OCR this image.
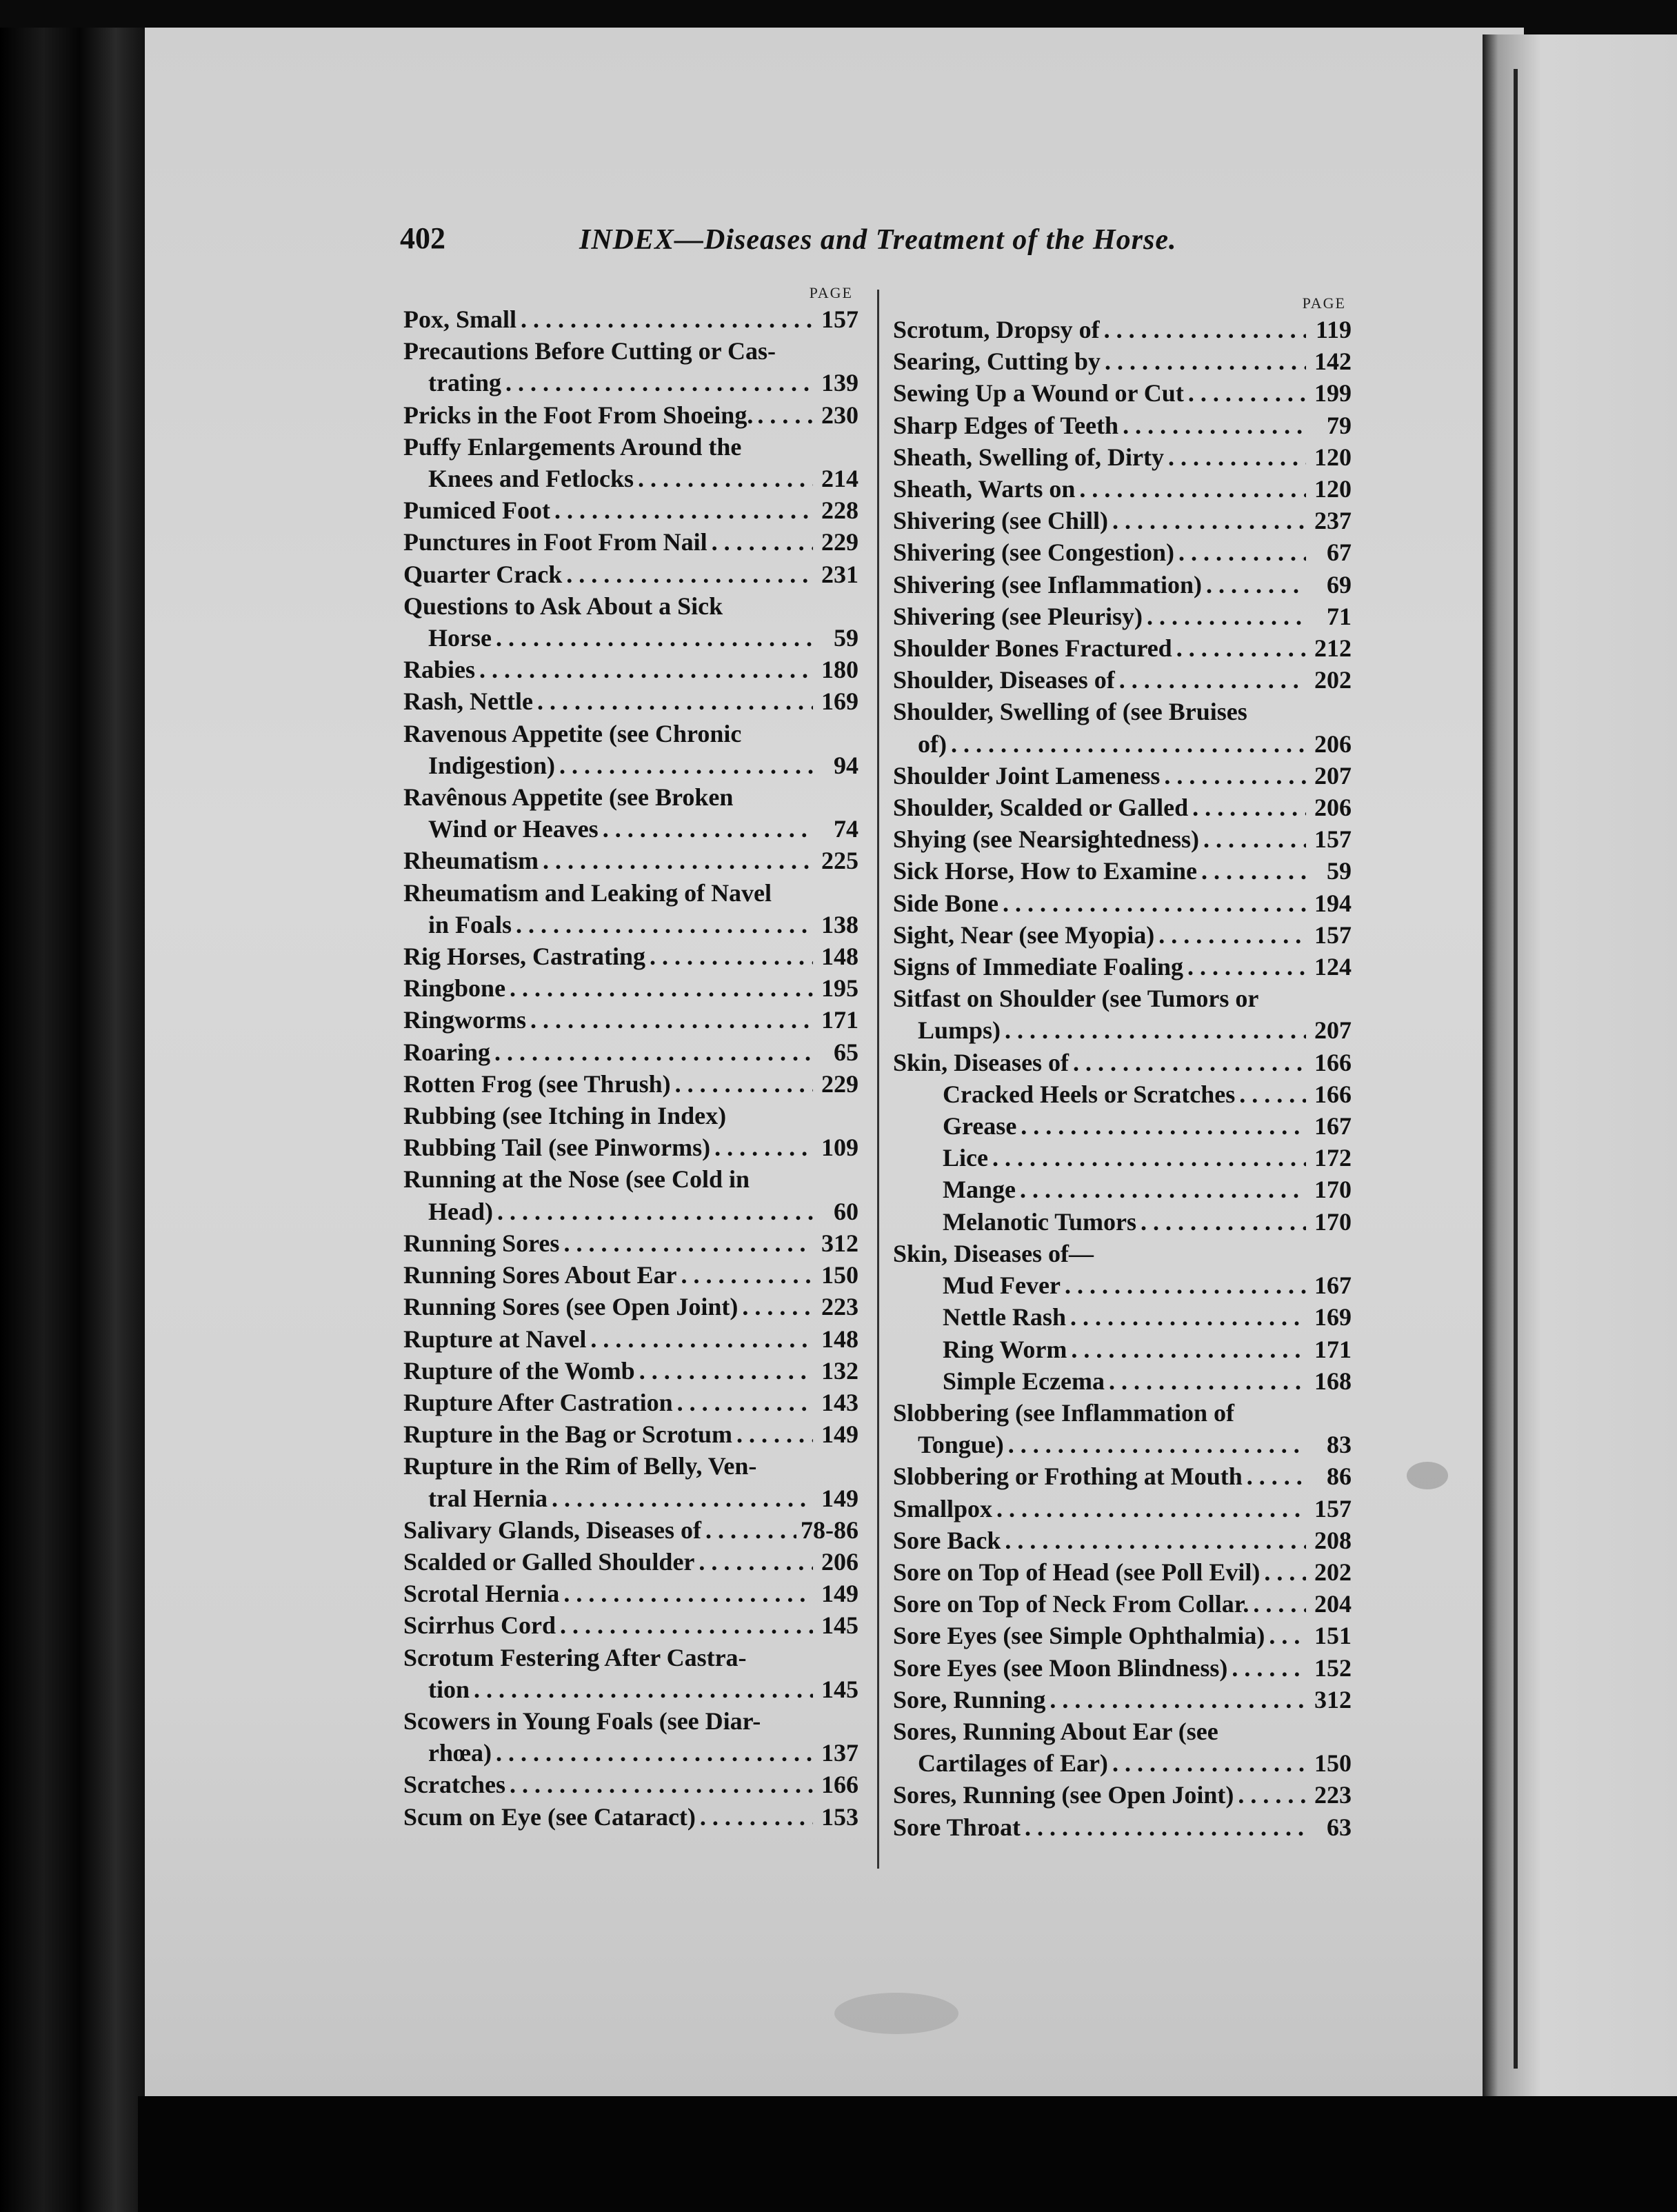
402	INDEX—Diseases and Treatment of the Horse.
PAGE
Pox, Small . . .	157
Precautions Before Cutting or Cas-
trating . . .	139
Pricks in the Foot From Shoeing. . . .	230
Puffy Enlargements Around the
Knees and Fetlocks . . .	214
Pumiced Foot . . .	228
Punctures in Foot From Nail . . .	229
Quarter Crack . . .	231
Questions to Ask About a Sick
Horse . . .	59
Rabies . . .	180
Rash, Nettle . . .	169
Ravenous Appetite (see Chronic
Indigestion) . . .	94
Ravênous Appetite (see Broken
Wind or Heaves . . .	74
Rheumatism . . .	225
Rheumatism and Leaking of Navel
in Foals . . .	138
Rig Horses, Castrating . . .	148
Ringbone . . .	195
Ringworms . . .	171
Roaring . . .	65
Rotten Frog (see Thrush) . . .	229
Rubbing (see Itching in Index)
Rubbing Tail (see Pinworms) . . .	109
Running at the Nose (see Cold in
Head) . . .	60
Running Sores . . .	312
Running Sores About Ear . . .	150
Running Sores (see Open Joint) . . .	223
Rupture at Navel . . .	148
Rupture of the Womb . . .	132
Rupture After Castration . . .	143
Rupture in the Bag or Scrotum . . .	149
Rupture in the Rim of Belly, Ven-
tral Hernia . . .	149
Salivary Glands, Diseases of . . .	78-86
Scalded or Galled Shoulder . . .	206
Scrotal Hernia . . .	149
Scirrhus Cord . . .	145
Scrotum Festering After Castra-
tion . . .	145
Scowers in Young Foals (see Diar-
rhœa) . . .	137
Scratches . . .	166
Scum on Eye (see Cataract) . . .	153
PAGE
Scrotum, Dropsy of . . .	119
Searing, Cutting by . . .	142
Sewing Up a Wound or Cut . . .	199
Sharp Edges of Teeth . . .	79
Sheath, Swelling of, Dirty . . .	120
Sheath, Warts on . . .	120
Shivering (see Chill) . . .	237
Shivering (see Congestion) . . .	67
Shivering (see Inflammation) . . .	69
Shivering (see Pleurisy) . . .	71
Shoulder Bones Fractured . . .	212
Shoulder, Diseases of . . .	202
Shoulder, Swelling of (see Bruises
of) . . .	206
Shoulder Joint Lameness . . .	207
Shoulder, Scalded or Galled . . .	206
Shying (see Nearsightedness) . . .	157
Sick Horse, How to Examine . . .	59
Side Bone . . .	194
Sight, Near (see Myopia) . . .	157
Signs of Immediate Foaling . . .	124
Sitfast on Shoulder (see Tumors or
Lumps) . . .	207
Skin, Diseases of . . .	166
Cracked Heels or Scratches . . .	166
Grease . . .	167
Lice . . .	172
Mange . . .	170
Melanotic Tumors . . .	170
Skin, Diseases of—
Mud Fever . . .	167
Nettle Rash . . .	169
Ring Worm . . .	171
Simple Eczema . . .	168
Slobbering (see Inflammation of
Tongue) . . .	83
Slobbering or Frothing at Mouth . . .	86
Smallpox . . .	157
Sore Back . . .	208
Sore on Top of Head (see Poll Evil) . . . 202
Sore on Top of Neck From Collar. . . .	204
Sore Eyes (see Simple Ophthalmia) . . . 151
Sore Eyes (see Moon Blindness) . . .	152
Sore, Running . . .	312
Sores, Running About Ear (see
Cartilages of Ear) . . .	150
Sores, Running (see Open Joint) . . .	223
Sore Throat . . .	63
